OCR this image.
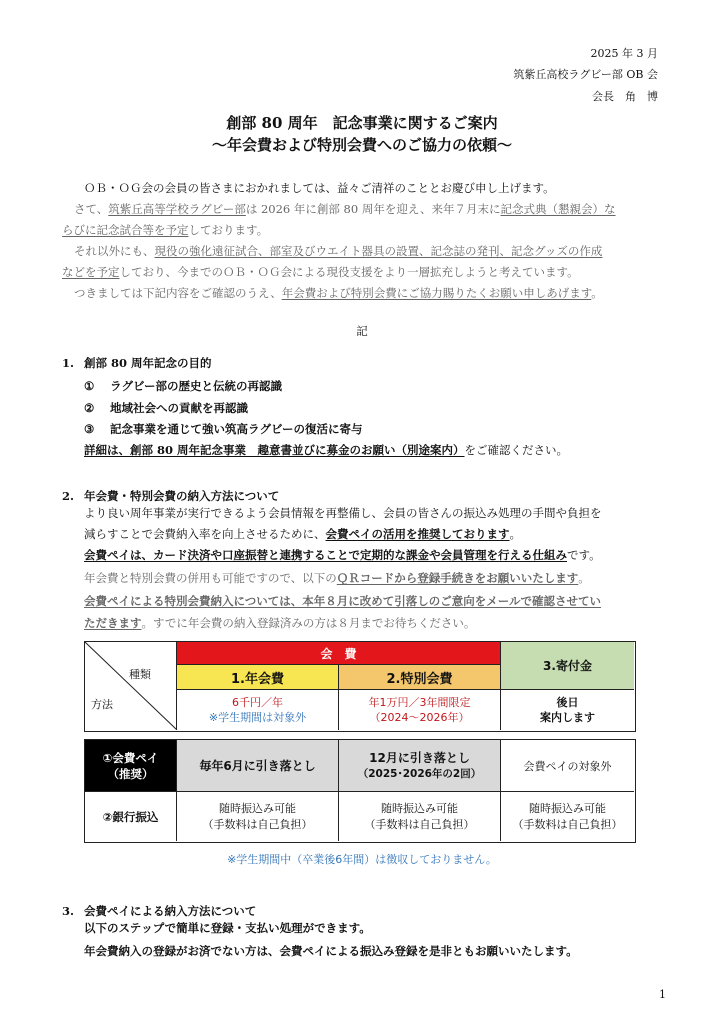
2025 年 3 月
筑紫丘高校ラグビー部 OB 会
会長　角　博
創部 80 周年　記念事業に関するご案内
～年会費および特別会費へのご協力の依頼～
ＯＢ・ＯＧ会の会員の皆さまにおかれましては、益々ご清祥のこととお慶び申し上げます。
さて、筑紫丘高等学校ラグビー部は 2026 年に創部 80 周年を迎え、来年７月末に記念式典（懇親会）な
らびに記念試合等を予定しております。
それ以外にも、現役の強化遠征試合、部室及びウエイト器具の設置、記念誌の発刊、記念グッズの作成
などを予定しており、今までのＯＢ・ＯＧ会による現役支援をより一層拡充しようと考えています。
つきましては下記内容をご確認のうえ、年会費および特別会費にご協力賜りたくお願い申しあげます。
記
1. 創部 80 周年記念の目的
① ラグビー部の歴史と伝統の再認識
② 地域社会への貢献を再認識
③ 記念事業を通じて強い筑高ラグビーの復活に寄与
詳細は、創部 80 周年記念事業　趣意書並びに募金のお願い（別途案内）をご確認ください。
2. 年会費・特別会費の納入方法について
より良い周年事業が実行できるよう会員情報を再整備し、会員の皆さんの振込み処理の手間や負担を
減らすことで会費納入率を向上させるために、会費ペイの活用を推奨しております。
会費ペイは、カード決済や口座振替と連携することで定期的な課金や会員管理を行える仕組みです。
年会費と特別会費の併用も可能ですので、以下のＱＲコードから登録手続きをお願いいたします。
会費ペイによる特別会費納入については、本年８月に改めて引落しのご意向をメールで確認させてい
ただきます。すでに年会費の納入登録済みの方は８月までお待ちください。
種類
方法
会　費
1.年会費	2.特別会費
3.寄付金
6千円／年
※学生期間は対象外
年1万円／3年間限定
（2024～2026年）
後日
案内します
①会費ペイ
（推奨）
毎年6月に引き落とし
12月に引き落とし
（2025･2026年の2回）
会費ペイの対象外
②銀行振込
随時振込み可能
（手数料は自己負担）
随時振込み可能
（手数料は自己負担）
随時振込み可能
（手数料は自己負担）
※学生期間中（卒業後6年間）は徴収しておりません。
3. 会費ペイによる納入方法について
以下のステップで簡単に登録・支払い処理ができます。
年会費納入の登録がお済でない方は、会費ペイによる振込み登録を是非ともお願いいたします。
1
